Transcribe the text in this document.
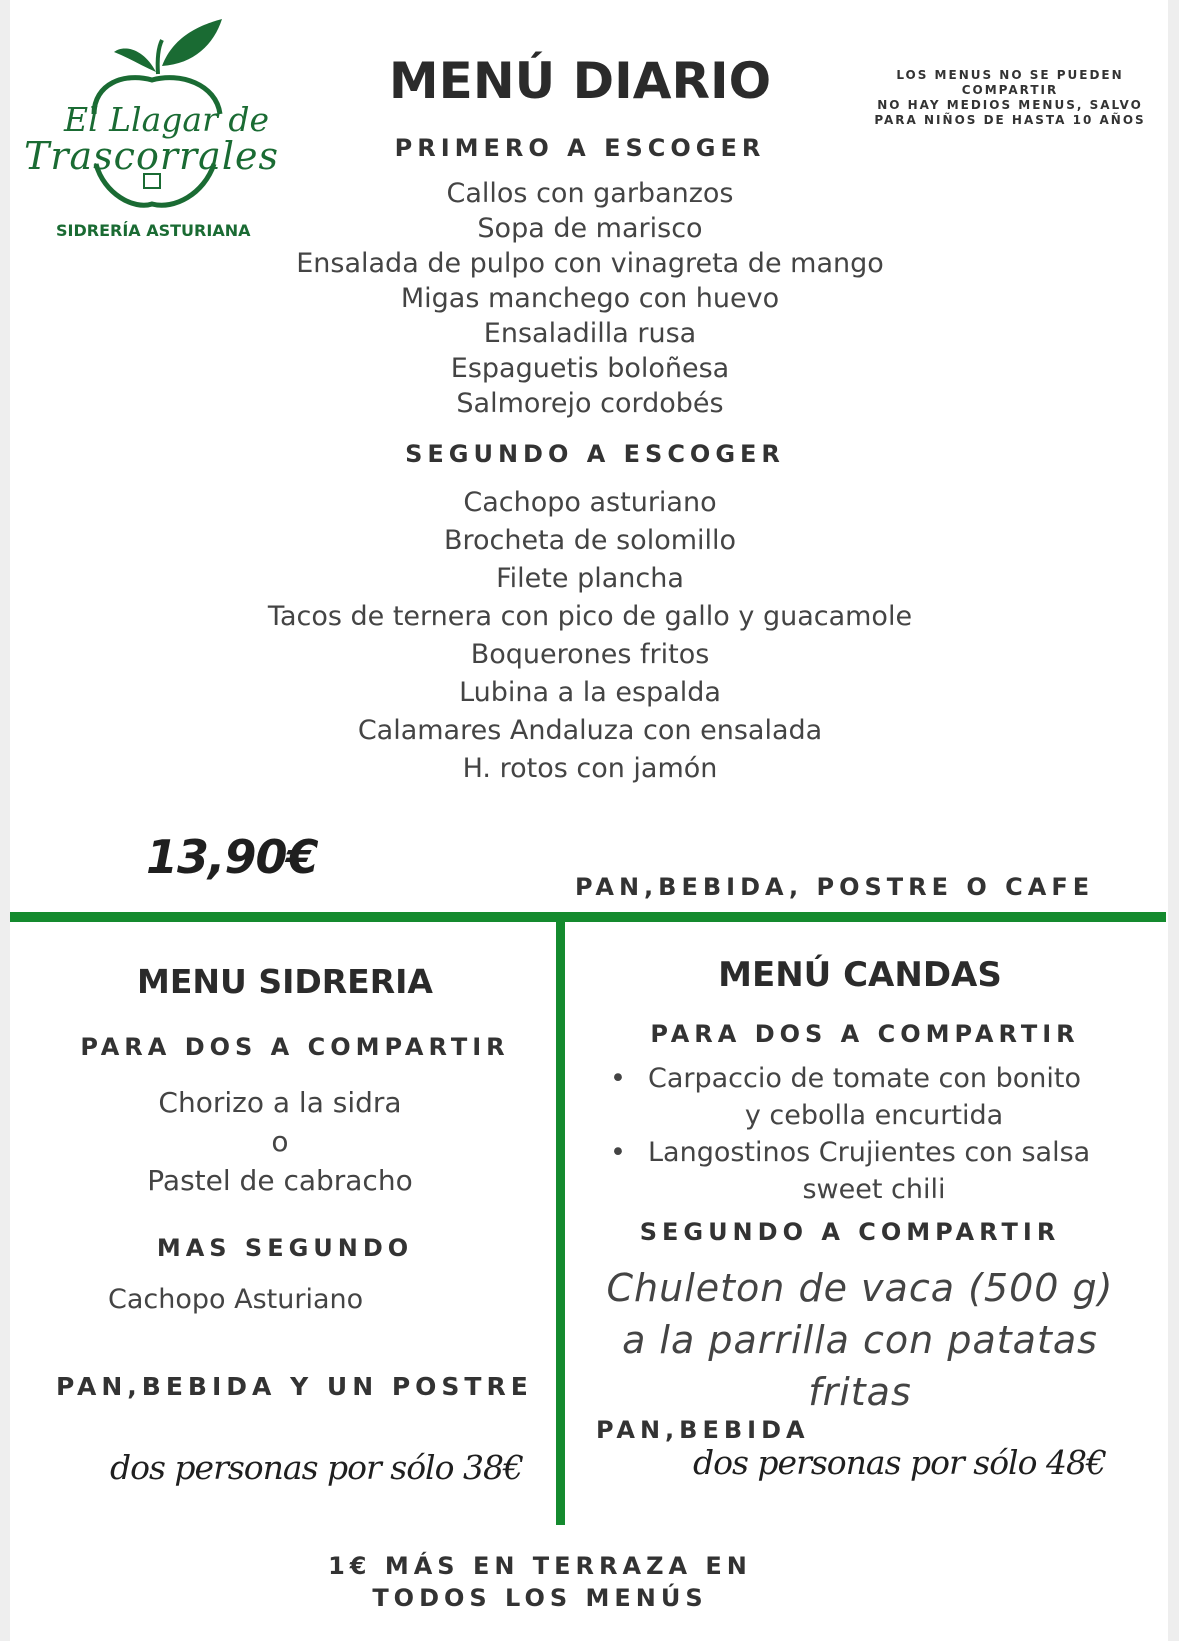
El Llagar de
Trascorrales
SIDRERÍA ASTURIANA
LOS MENUS NO SE PUEDEN
COMPARTIR
NO HAY MEDIOS MENUS, SALVO
PARA NIÑOS DE HASTA 10 AÑOS
MENÚ DIARIO
PRIMERO A ESCOGER
Callos con garbanzos
Sopa de marisco
Ensalada de pulpo con vinagreta de mango
Migas manchego con huevo
Ensaladilla rusa
Espaguetis boloñesa
Salmorejo cordobés
SEGUNDO A ESCOGER
Cachopo asturiano
Brocheta de solomillo
Filete plancha
Tacos de ternera con pico de gallo y guacamole
Boquerones fritos
Lubina a la espalda
Calamares Andaluza con ensalada
H. rotos con jamón
13,90€
PAN,BEBIDA, POSTRE O CAFE
MENU SIDRERIA
PARA DOS A COMPARTIR
Chorizo a la sidra
o
Pastel de cabracho
MAS SEGUNDO
Cachopo Asturiano
PAN,BEBIDA Y UN POSTRE
dos personas por sólo 38€
MENÚ CANDAS
PARA DOS A COMPARTIR
• Carpaccio de tomate con bonito
y cebolla encurtida
• Langostinos Crujientes con salsa
sweet chili
SEGUNDO A COMPARTIR
Chuleton de vaca (500 g)
a la parrilla con patatas
fritas
PAN,BEBIDA
dos personas por sólo 48€
1€ MÁS EN TERRAZA EN
TODOS LOS MENÚS
